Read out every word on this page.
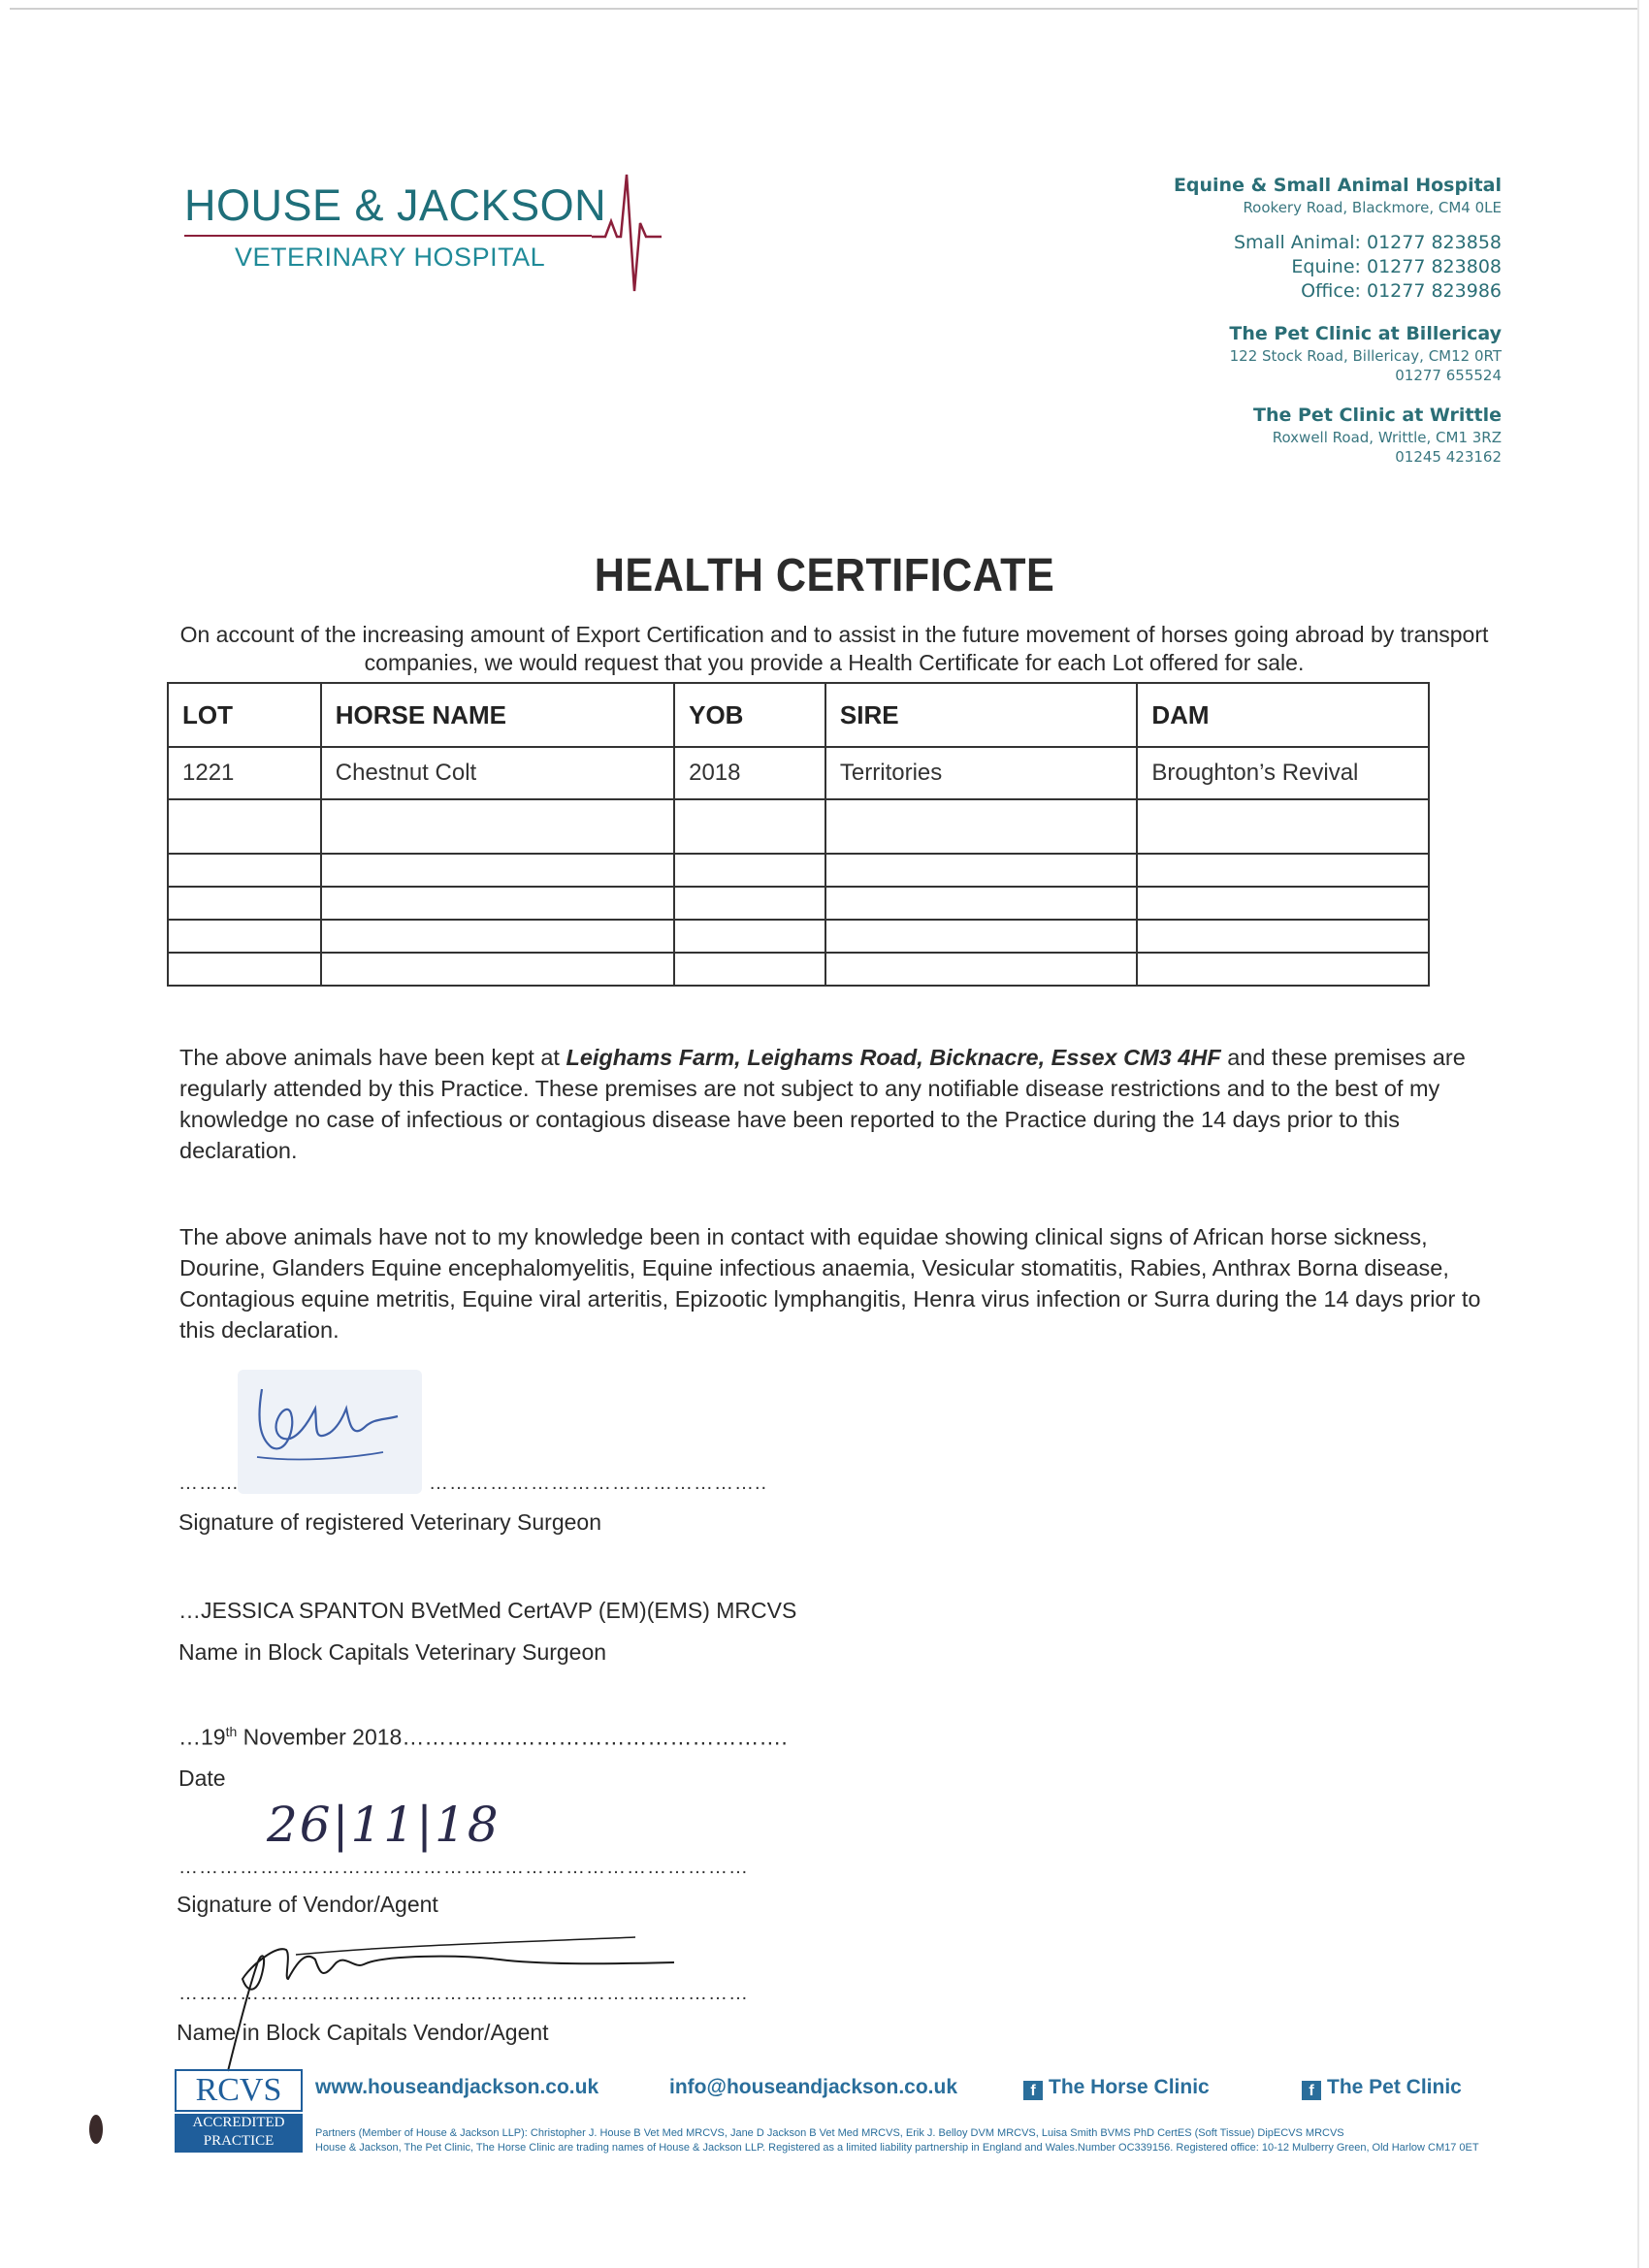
HOUSE & JACKSON
VETERINARY HOSPITAL
Equine & Small Animal Hospital
Rookery Road, Blackmore, CM4 0LE
Small Animal: 01277 823858
Equine: 01277 823808
Office: 01277 823986
The Pet Clinic at Billericay
122 Stock Road, Billericay, CM12 0RT
01277 655524
The Pet Clinic at Writtle
Roxwell Road, Writtle, CM1 3RZ
01245 423162
HEALTH CERTIFICATE
On account of the increasing amount of Export Certification and to assist in the future movement of horses going abroad by transport companies, we would request that you provide a Health Certificate for each Lot offered for sale.
LOT	HORSE NAME	YOB	SIRE	DAM
1221	Chestnut Colt	2018	Territories	Broughton’s Revival

The above animals have been kept at Leighams Farm, Leighams Road, Bicknacre, Essex CM3 4HF and these premises are regularly attended by this Practice. These premises are not subject to any notifiable disease restrictions and to the best of my knowledge no case of infectious or contagious disease have been reported to the Practice during the 14 days prior to this declaration.
The above animals have not to my knowledge been in contact with equidae showing clinical signs of African horse sickness, Dourine, Glanders Equine encephalomyelitis, Equine infectious anaemia, Vesicular stomatitis, Rabies, Anthrax Borna disease, Contagious equine metritis, Equine viral arteritis, Epizootic lymphangitis, Henra virus infection or Surra during the 14 days prior to this declaration.
………	…………………………………………..
Signature of registered Veterinary Surgeon
…JESSICA SPANTON BVetMed CertAVP (EM)(EMS) MRCVS
Name in Block Capitals Veterinary Surgeon
…19th November 2018…………………………………………….
Date
26|11|18
…………………………………………………………………………
Signature of Vendor/Agent
…………………………………………………………………………
Name in Block Capitals Vendor/Agent
RCVS
ACCREDITED
PRACTICE
www.houseandjackson.co.uk	info@houseandjackson.co.uk	f The Horse Clinic	f The Pet Clinic
Partners (Member of House & Jackson LLP): Christopher J. House B Vet Med MRCVS, Jane D Jackson B Vet Med MRCVS, Erik J. Belloy DVM MRCVS, Luisa Smith BVMS PhD CertES (Soft Tissue) DipECVS MRCVS
House & Jackson, The Pet Clinic, The Horse Clinic are trading names of House & Jackson LLP. Registered as a limited liability partnership in England and Wales.Number OC339156. Registered office: 10-12 Mulberry Green, Old Harlow CM17 0ET
